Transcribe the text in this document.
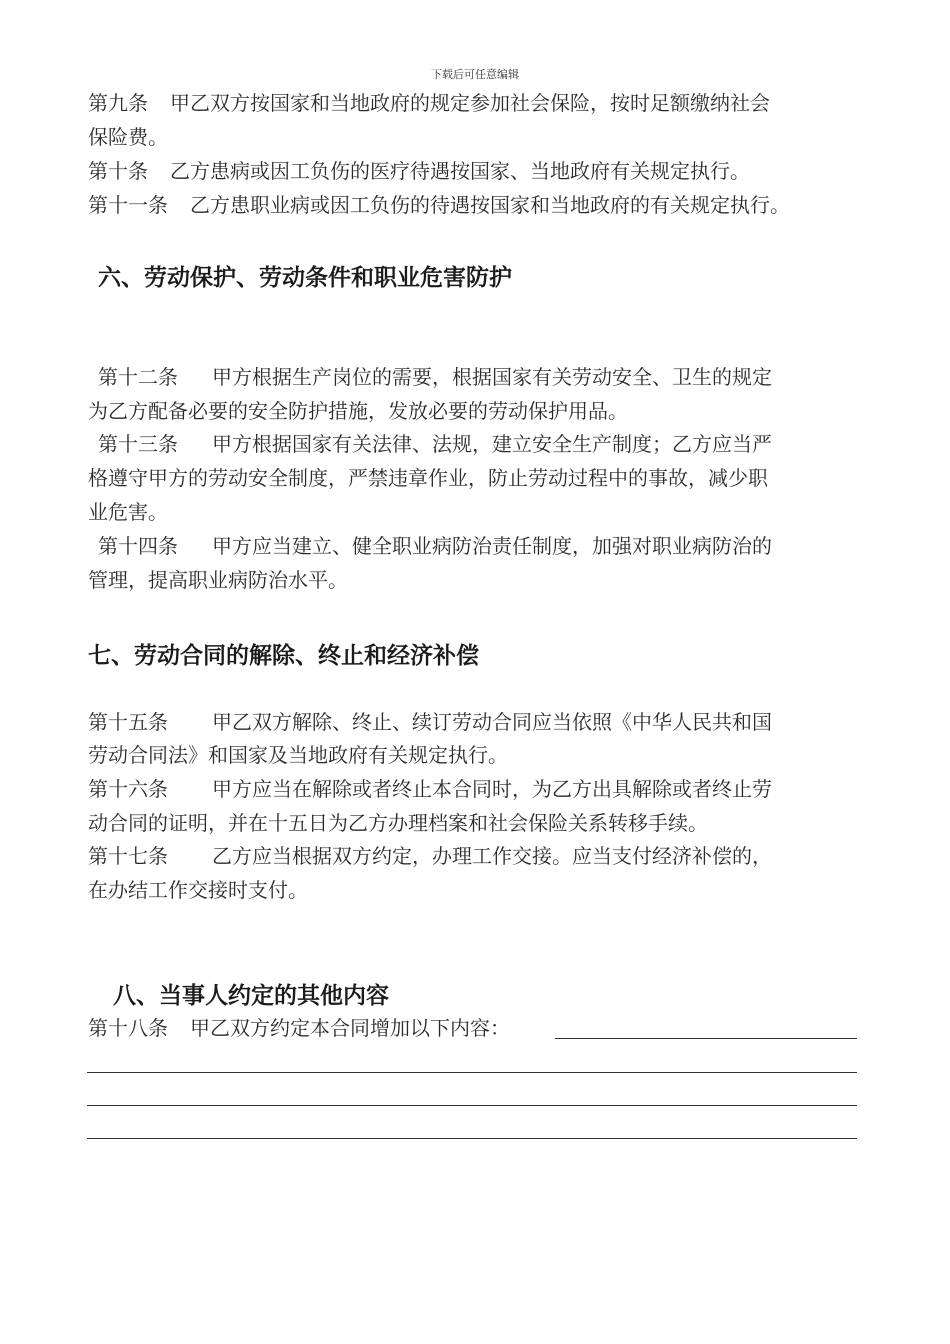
下载后可任意编辑
第九条 甲乙双方按国家和当地政府的规定参加社会保险，按时足额缴纳社会
保险费。
第十条 乙方患病或因工负伤的医疗待遇按国家、当地政府有关规定执行。
第十一条 乙方患职业病或因工负伤的待遇按国家和当地政府的有关规定执行。
六、劳动保护、劳动条件和职业危害防护
第十二条 甲方根据生产岗位的需要，根据国家有关劳动安全、卫生的规定
为乙方配备必要的安全防护措施，发放必要的劳动保护用品。
第十三条 甲方根据国家有关法律、法规，建立安全生产制度；乙方应当严
格遵守甲方的劳动安全制度，严禁违章作业，防止劳动过程中的事故，减少职
业危害。
第十四条 甲方应当建立、健全职业病防治责任制度，加强对职业病防治的
管理，提高职业病防治水平。
七、劳动合同的解除、终止和经济补偿
第十五条 甲乙双方解除、终止、续订劳动合同应当依照《中华人民共和国
劳动合同法》和国家及当地政府有关规定执行。
第十六条 甲方应当在解除或者终止本合同时，为乙方出具解除或者终止劳
动合同的证明，并在十五日为乙方办理档案和社会保险关系转移手续。
第十七条 乙方应当根据双方约定，办理工作交接。应当支付经济补偿的，
在办结工作交接时支付。
八、当事人约定的其他内容
第十八条 甲乙双方约定本合同增加以下内容：
